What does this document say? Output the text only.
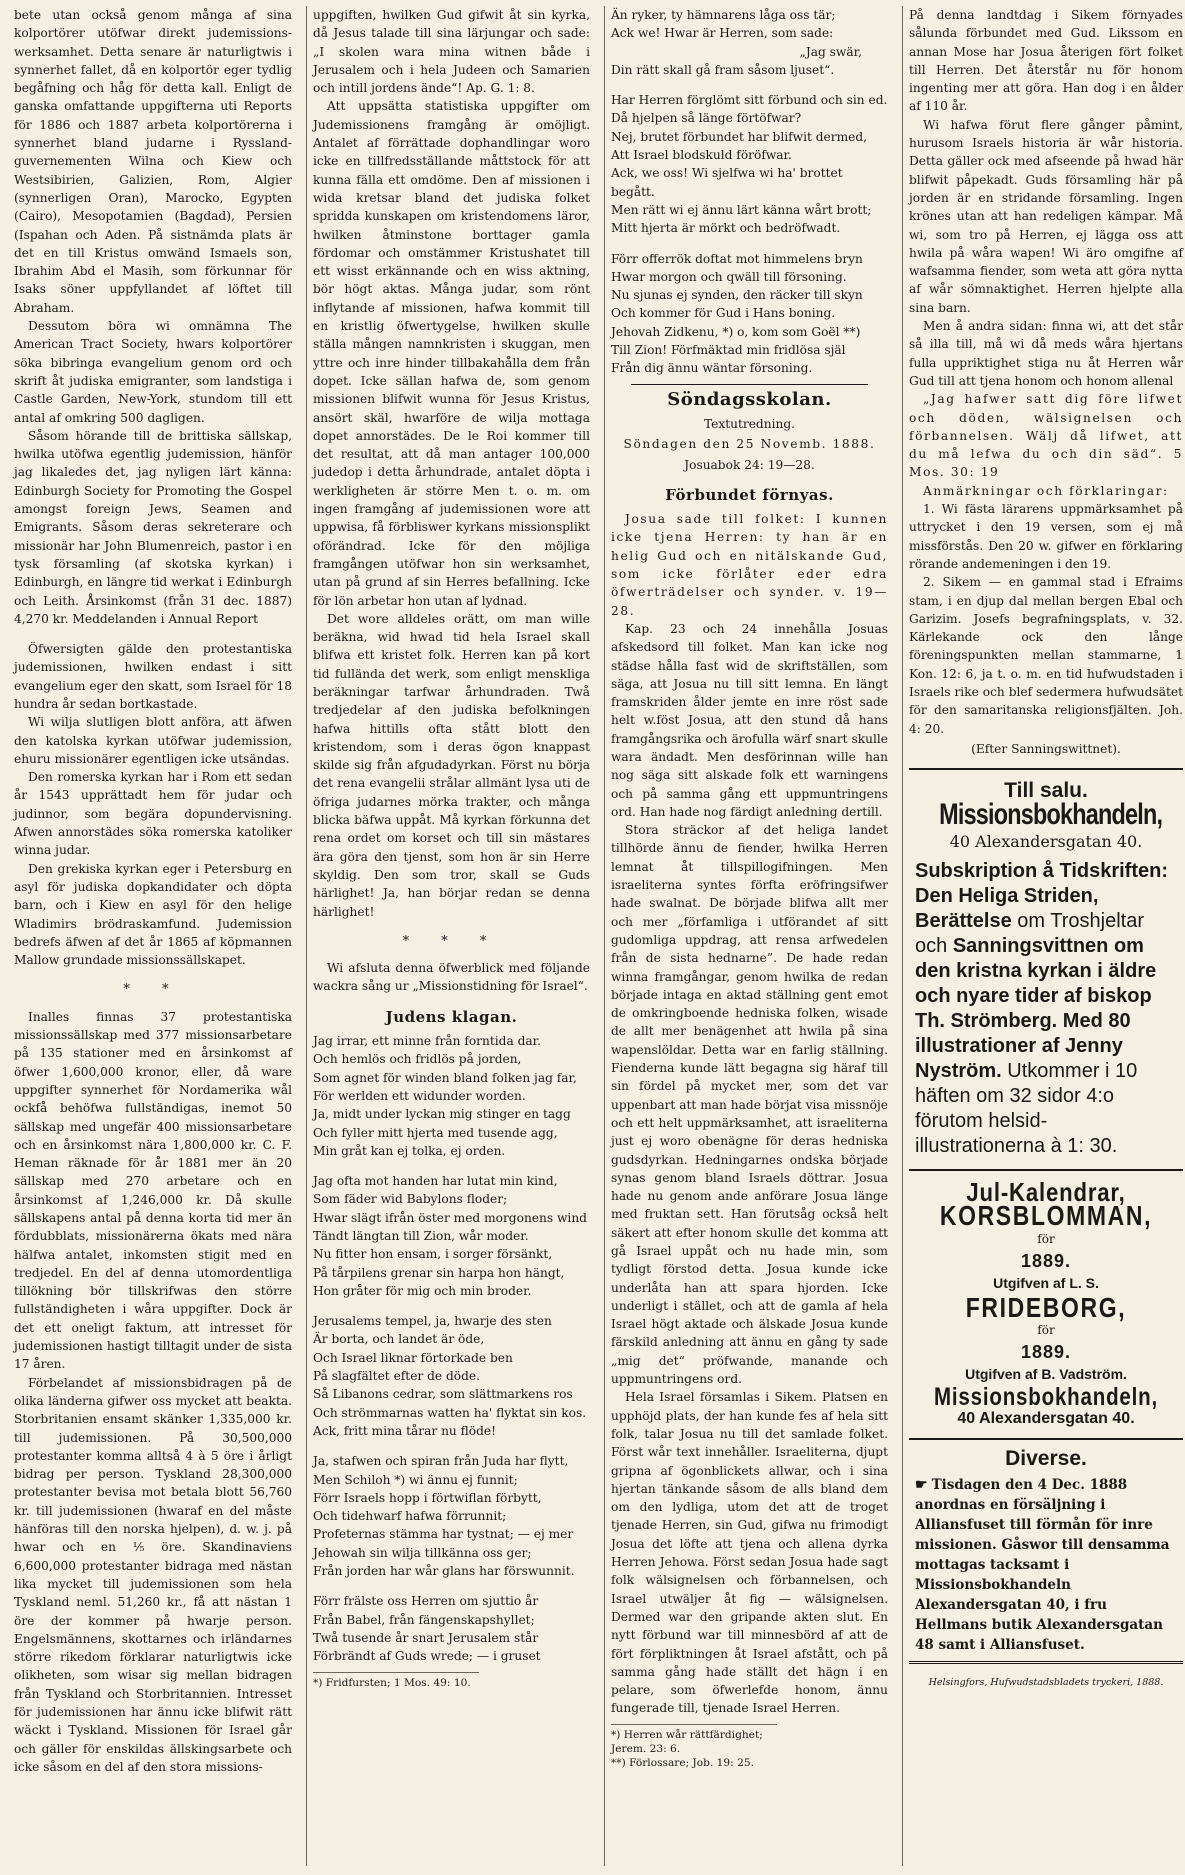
bete utan också genom många af sina kolportörer utöfwar direkt judemissions-werksamhet. Detta senare är naturligtwis i synnerhet fallet, då en kolportör eger tydlig begåfning och håg för detta kall. Enligt de ganska omfattande uppgifterna uti Reports för 1886 och 1887 arbeta kolportörerna i synnerhet bland judarne i Ryssland-guvernementen Wilna och Kiew och Westsibirien, Galizien, Rom, Algier (synnerligen Oran), Marocko, Egypten (Cairo), Mesopotamien (Bagdad), Persien (Ispahan och Aden. På sistnämda plats är det en till Kristus omwänd Ismaels son, Ibrahim Abd el Masih, som förkunnar för Isaks söner uppfyllandet af löftet till Abraham.

Dessutom böra wi omnämna The American Tract Society, hwars kolportörer söka bibringa evangelium genom ord och skrift åt judiska emigranter, som landstiga i Castle Garden, New-York, stundom till ett antal af omkring 500 dagligen.

Såsom hörande till de brittiska sällskap, hwilka utöfwa egentlig judemission, hänför jag likaledes det, jag nyligen lärt känna: Edinburgh Society for Promoting the Gospel amongst foreign Jews, Seamen and Emigrants. Såsom deras sekreterare och missionär har John Blumenreich, pastor i en tysk församling (af skotska kyrkan) i Edinburgh, en längre tid werkat i Edinburgh och Leith. Årsinkomst (från 31 dec. 1887) 4,270 kr. Meddelanden i Annual Report

Öfwersigten gälde den protestantiska judemissionen, hwilken endast i sitt evangelium eger den skatt, som Israel för 18 hundra år sedan bortkastade.

Wi wilja slutligen blott anföra, att äfwen den katolska kyrkan utöfwar judemission, ehuru missionärer egentligen icke utsändas.

Den romerska kyrkan har i Rom ett sedan år 1543 upprättadt hem för judar och judinnor, som begära dopundervisning. Afwen annorstädes söka romerska katoliker winna judar.

Den grekiska kyrkan eger i Petersburg en asyl för judiska dopkandidater och döpta barn, och i Kiew en asyl för den helige Wladimirs brödraskamfund. Judemission bedrefs äfwen af det år 1865 af köpmannen Mallow grundade missionssällskapet.

* *

Inalles finnas 37 protestantiska missionssällskap med 377 missionsarbetare på 135 stationer med en årsinkomst af öfwer 1,600,000 kronor, eller, då ware uppgifter synnerhet för Nordamerika wål ockfå behöfwa fullständigas, inemot 50 sällskap med ungefär 400 missionsarbetare och en årsinkomst nära 1,800,000 kr. C. F. Heman räknade för år 1881 mer än 20 sällskap med 270 arbetare och en årsinkomst af 1,246,000 kr. Då skulle sällskapens antal på denna korta tid mer än fördubblats, missionärerna ökats med nära hälfwa antalet, inkomsten stigit med en tredjedel. En del af denna utomordentliga tillökning bör tillskrifwas den större fullständigheten i wåra uppgifter. Dock är det ett oneligt faktum, att intresset för judemissionen hastigt tilltagit under de sista 17 åren.

Förbelandet af missionsbidragen på de olika länderna gifwer oss mycket att beakta. Storbritanien ensamt skänker 1,335,000 kr. till judemissionen. På 30,500,000 protestanter komma alltså 4 à 5 öre i årligt bidrag per person. Tyskland 28,300,000 protestanter bevisa mot betala blott 56,760 kr. till judemissionen (hwaraf en del måste hänföras till den norska hjelpen), d. w. j. på hwar och en ⅕ öre. Skandinaviens 6,600,000 protestanter bidraga med nästan lika mycket till judemissionen som hela Tyskland neml. 51,260 kr., få att nästan 1 öre der kommer på hwarje person. Engelsmännens, skottarnes och irländarnes större rikedom förklarar naturligtwis icke olikheten, som wisar sig mellan bidragen från Tyskland och Storbritannien. Intresset för judemissionen har ännu icke blifwit rätt wäckt i Tyskland. Missionen för Israel går och gäller för enskildas ällskingsarbete och icke såsom en del af den stora missions-

uppgiften, hwilken Gud gifwit åt sin kyrka, då Jesus talade till sina lärjungar och sade: „I skolen wara mina witnen både i Jerusalem och i hela Judeen och Samarien och intill jordens ände“! Ap. G. 1: 8.

Att uppsätta statistiska uppgifter om Judemissionens framgång är omöjligt. Antalet af förrättade dophandlingar woro icke en tillfredsställande måttstock för att kunna fälla ett omdöme. Den af missionen i wida kretsar bland det judiska folket spridda kunskapen om kristendomens läror, hwilken åtminstone borttager gamla fördomar och omstämmer Kristushatet till ett wisst erkännande och en wiss aktning, bör högt aktas. Många judar, som rönt inflytande af missionen, hafwa kommit till en kristlig öfwertygelse, hwilken skulle ställa mången namnkristen i skuggan, men yttre och inre hinder tillbakahålla dem från dopet. Icke sällan hafwa de, som genom missionen blifwit wunna för Jesus Kristus, ansört skäl, hwarföre de wilja mottaga dopet annorstädes. De le Roi kommer till det resultat, att då man antager 100,000 judedop i detta århundrade, antalet döpta i werkligheten är större Men t. o. m. om ingen framgång af judemissionen wore att uppwisa, få förbliswer kyrkans missionsplikt oförändrad. Icke för den möjliga framgången utöfwar hon sin werksamhet, utan på grund af sin Herres befallning. Icke för lön arbetar hon utan af lydnad.

Det wore alldeles orätt, om man wille beräkna, wid hwad tid hela Israel skall blifwa ett kristet folk. Herren kan på kort tid fullända det werk, som enligt menskliga beräkningar tarfwar århundraden. Twå tredjedelar af den judiska befolkningen hafwa hittills ofta stått blott den kristendom, som i deras ögon knappast skilde sig från afgudadyrkan. Först nu börja det rena evangelii strålar allmänt lysa uti de öfriga judarnes mörka trakter, och många blicka bäfwa uppåt. Må kyrkan förkunna det rena ordet om korset och till sin mästares ära göra den tjenst, som hon är sin Herre skyldig. Den som tror, skall se Guds härlighet! Ja, han börjar redan se denna härlighet!

* * *

Wi afsluta denna öfwerblick med följande wackra sång ur „Missionstidning för Israel“.

Judens klagan.

Jag irrar, ett minne från forntida dar.

Och hemlös och fridlös på jorden,

Som agnet för winden bland folken jag far,

För werlden ett widunder worden.

Ja, midt under lyckan mig stinger en tagg

Och fyller mitt hjerta med tusende agg,

Min gråt kan ej tolka, ej orden.

Jag ofta mot handen har lutat min kind,

Som fäder wid Babylons floder;

Hwar slägt ifrån öster med morgonens wind

Tändt längtan till Zion, wår moder.

Nu fitter hon ensam, i sorger försänkt,

På tårpilens grenar sin harpa hon hängt,

Hon gråter för mig och min broder.

Jerusalems tempel, ja, hwarje des sten

Är borta, och landet är öde,

Och Israel liknar förtorkade ben

På slagfältet efter de döde.

Så Libanons cedrar, som slättmarkens ros

Och strömmarnas watten ha' flyktat sin kos.

Ack, fritt mina tårar nu flöde!

Ja, stafwen och spiran från Juda har flytt,

Men Schiloh *) wi ännu ej funnit;

Förr Israels hopp i förtwiflan förbytt,

Och tidehwarf hafwa förrunnit;

Profeternas stämma har tystnat; — ej mer

Jehowah sin wilja tillkänna oss ger;

Från jorden har wår glans har förswunnit.

Förr frälste oss Herren om sjuttio år

Från Babel, från fängenskapshyllet;

Twå tusende år snart Jerusalem står

Förbrändt af Guds wrede; — i gruset

*) Fridfursten; 1 Mos. 49: 10.

Än ryker, ty hämnarens låga oss tär;

Ack we! Hwar är Herren, som sade:

„Jag swär,

Din rätt skall gå fram såsom ljuset“.

Har Herren förglömt sitt förbund och sin ed.

Då hjelpen så länge förtöfwar?

Nej, brutet förbundet har blifwit dermed,

Att Israel blodskuld föröfwar.

Ack, we oss! Wi sjelfwa wi ha' brottet begått.

Men rätt wi ej ännu lärt känna wårt brott;

Mitt hjerta är mörkt och bedröfwadt.

Förr offerrök doftat mot himmelens bryn

Hwar morgon och qwäll till försoning.

Nu sjunas ej synden, den räcker till skyn

Och kommer för Gud i Hans boning.

Jehovah Zidkenu, *) o, kom som Goël **)

Till Zion! Förfmäktad min fridlösa själ

Från dig ännu wäntar försoning.

Söndagsskolan.
Textutredning.
Söndagen den 25 Novemb. 1888.
Josuabok 24: 19—28.
Förbundet förnyas.

Josua sade till folket: I kunnen icke tjena Herren: ty han är en helig Gud och en nitälskande Gud, som icke förlåter eder edra öfwerträdelser och synder. v. 19—28.

Kap. 23 och 24 innehålla Josuas afskedsord till folket. Man kan icke nog städse hålla fast wid de skriftställen, som säga, att Josua nu till sitt lemna. En längt framskriden ålder jemte en inre röst sade helt w.föst Josua, att den stund då hans framgångsrika och ärofulla wärf snart skulle wara ändadt. Men desförinnan wille han nog säga sitt alskade folk ett warningens och på samma gång ett uppmuntringens ord. Han hade nog färdigt anledning dertill.

Stora sträckor af det heliga landet tillhörde ännu de fiender, hwilka Herren lemnat åt tillspillogifningen. Men israeliterna syntes förfta eröfringsifwer hade swalnat. De började blifwa allt mer och mer „förfamliga i utförandet af sitt gudomliga uppdrag, att rensa arfwedelen från de sista hednarne”. De hade redan winna framgångar, genom hwilka de redan började intaga en aktad ställning gent emot de omkringboende hedniska folken, wisade de allt mer benägenhet att hwila på sina wapenslöldar. Detta war en farlig ställning. Fienderna kunde lätt begagna sig häraf till sin fördel på mycket mer, som det var uppenbart att man hade börjat visa missnöje och ett helt uppmärksamhet, att israeliterna just ej woro obenägne för deras hedniska gudsdyrkan. Hedningarnes ondska började synas genom bland Israels döttrar. Josua hade nu genom ande anförare Josua länge med fruktan sett. Han förutsåg också helt säkert att efter honom skulle det komma att gå Israel uppåt och nu hade min, som tydligt förstod detta. Josua kunde icke underlåta han att spara hjorden. Icke underligt i stället, och att de gamla af hela Israel högt aktade och älskade Josua kunde färskild anledning att ännu en gång ty sade „mig det“ pröfwande, manande och uppmuntringens ord.

Hela Israel församlas i Sikem. Platsen en upphöjd plats, der han kunde fes af hela sitt folk, talar Josua nu till det samlade folket. Först wår text innehåller. Israeliterna, djupt gripna af ögonblickets allwar, och i sina hjertan tänkande såsom de alls bland dem om den lydliga, utom det att de troget tjenade Herren, sin Gud, gifwa nu frimodigt Josua det löfte att tjena och allena dyrka Herren Jehowa. Först sedan Josua hade sagt folk wälsignelsen och förbannelsen, och Israel utwäljer åt fig — wälsignelsen. Dermed war den gripande akten slut. En nytt förbund war till minnesbörd af att de fört förpliktningen åt Israel afstått, och på samma gång hade ställt det hägn i en pelare, som öfwerlefde honom, ännu fungerade till, tjenade Israel Herren.

*) Herren wår rättfärdighet; Jerem. 23: 6.

**) Förlossare; Job. 19: 25.

På denna landtdag i Sikem förnyades sålunda förbundet med Gud. Likssom en annan Mose har Josua återigen fört folket till Herren. Det återstår nu för honom ingenting mer att göra. Han dog i en ålder af 110 år.

Wi hafwa förut flere gånger påmint, hurusom Israels historia är wår historia. Detta gäller ock med afseende på hwad här blifwit påpekadt. Guds församling här på jorden är en stridande församling. Ingen krönes utan att han redeligen kämpar. Må wi, som tro på Herren, ej lägga oss att hwila på wåra wapen! Wi äro omgifne af wafsamma fiender, som weta att göra nytta af wår sömnaktighet. Herren hjelpte alla sina barn.

Men å andra sidan: finna wi, att det står så illa till, må wi då meds wåra hjertans fulla uppriktighet stiga nu åt Herren wår Gud till att tjena honom och honom allenal

„Jag hafwer satt dig före lifwet och döden, wälsignelsen och förbannelsen. Wälj då lifwet, att du må lefwa du och din säd“. 5 Mos. 30: 19

Anmärkningar och förklaringar:

1. Wi fästa lärarens uppmärksamhet på uttrycket i den 19 versen, som ej må missförstås. Den 20 w. gifwer en förklaring rörande andemeningen i den 19.

2. Sikem — en gammal stad i Efraims stam, i en djup dal mellan bergen Ebal och Garizim. Josefs begrafningsplats, v. 32. Kärlekande ock den långe föreningspunkten mellan stammarne, 1 Kon. 12: 6, ja t. o. m. en tid hufwudstaden i Israels rike och blef sedermera hufwudsätet för den samaritanska religionsfjälten. Joh. 4: 20.

(Efter Sanningswittnet).
Till salu.
Missionsbokhandeln,
40 Alexandersgatan 40.
Subskription å Tidskriften: Den Heliga Striden, Berättelse om Troshjeltar och Sanningsvittnen om den kristna kyrkan i äldre och nyare tider af biskop Th. Strömberg. Med 80 illustrationer af Jenny Nyström. Utkommer i 10 häften om 32 sidor 4:o förutom helsid-illustrationerna à 1: 30.
Jul-Kalendrar,
KORSBLOMMAN,
för
1889.
Utgifven af L. S.
FRIDEBORG,
för
1889.
Utgifven af B. Vadström.
Missionsbokhandeln,
40 Alexandersgatan 40.
Diverse.
☛ Tisdagen den 4 Dec. 1888 anordnas en försäljning i Alliansfuset till förmån för inre missionen. Gåswor till densamma mottagas tacksamt i Missionsbokhandeln Alexandersgatan 40, i fru Hellmans butik Alexandersgatan 48 samt i Alliansfuset.
Helsingfors, Hufwudstadsbladets tryckeri, 1888.
